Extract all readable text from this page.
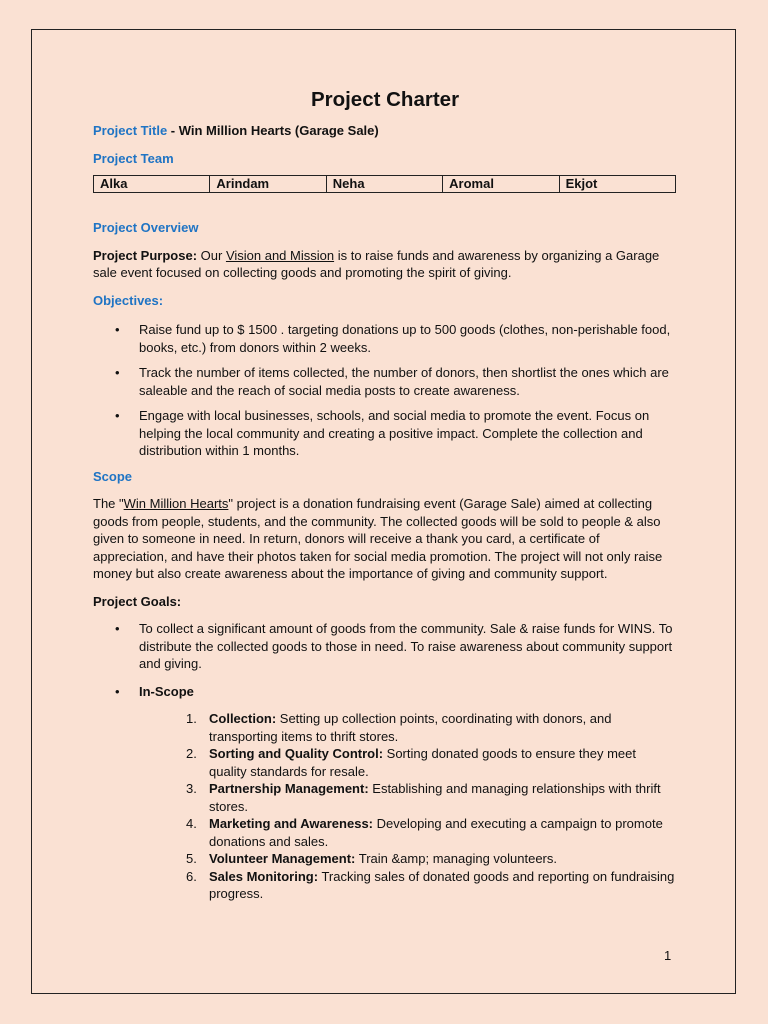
Project Charter

Project Title - Win Million Hearts (Garage Sale)

Project Team

Alka	Arindam	Neha	Aromal	Ekjot

Project Overview

Project Purpose: Our Vision and Mission is to raise funds and awareness by organizing a Garage sale event focused on collecting goods and promoting the spirit of giving.

Objectives:

• Raise fund up to $ 1500 . targeting donations up to 500 goods (clothes, non-perishable food, books, etc.) from donors within 2 weeks.
• Track the number of items collected, the number of donors, then shortlist the ones which are saleable and the reach of social media posts to create awareness.
• Engage with local businesses, schools, and social media to promote the event. Focus on helping the local community and creating a positive impact. Complete the collection and distribution within 1 months.

Scope

The "Win Million Hearts" project is a donation fundraising event (Garage Sale) aimed at collecting goods from people, students, and the community. The collected goods will be sold to people & also given to someone in need. In return, donors will receive a thank you card, a certificate of appreciation, and have their photos taken for social media promotion. The project will not only raise money but also create awareness about the importance of giving and community support.

Project Goals:

• To collect a significant amount of goods from the community. Sale & raise funds for WINS. To distribute the collected goods to those in need. To raise awareness about community support and giving.
• In-Scope
1. Collection: Setting up collection points, coordinating with donors, and transporting items to thrift stores.
2. Sorting and Quality Control: Sorting donated goods to ensure they meet quality standards for resale.
3. Partnership Management: Establishing and managing relationships with thrift stores.
4. Marketing and Awareness: Developing and executing a campaign to promote donations and sales.
5. Volunteer Management: Train &amp; managing volunteers.
6. Sales Monitoring: Tracking sales of donated goods and reporting on fundraising progress.
1
